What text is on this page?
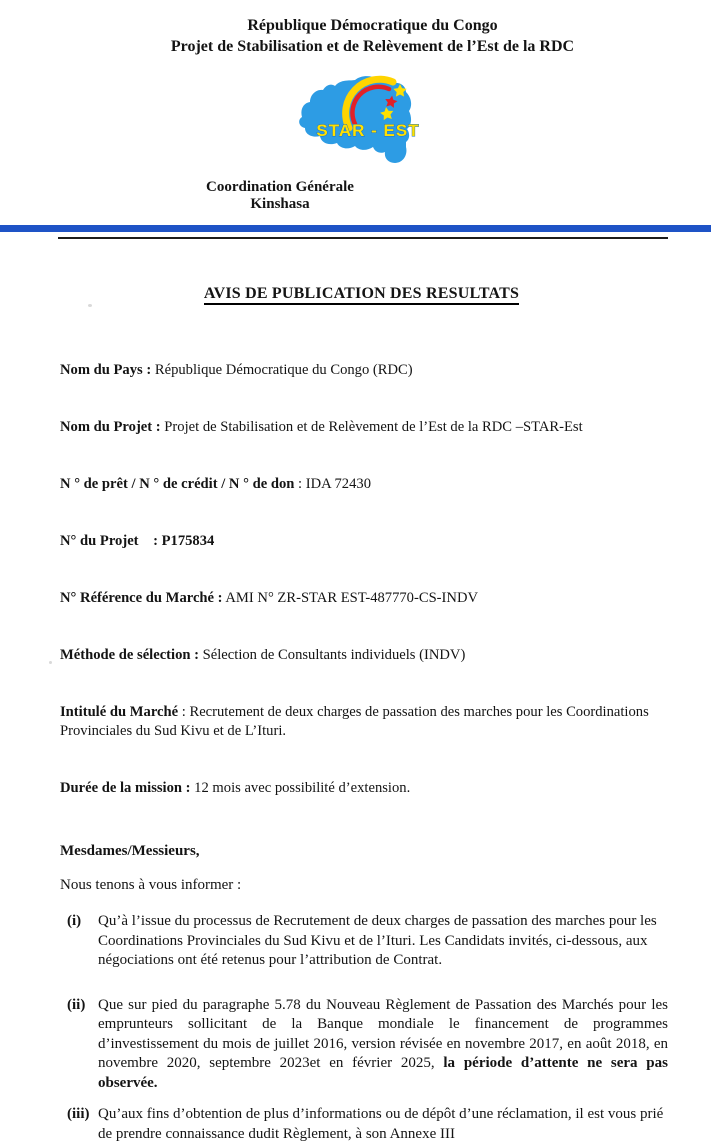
République Démocratique du Congo
Projet de Stabilisation et de Relèvement de l’Est de la RDC
STAR - EST
Coordination Générale
Kinshasa
AVIS DE PUBLICATION DES RESULTATS

Nom du Pays : République Démocratique du Congo (RDC)

Nom du Projet : Projet de Stabilisation et de Relèvement de l’Est de la RDC –STAR-Est

N ° de prêt / N ° de crédit / N ° de don : IDA 72430

N° du Projet    : P175834

N° Référence du Marché : AMI N° ZR-STAR EST-487770-CS-INDV

Méthode de sélection : Sélection de Consultants individuels (INDV)

Intitulé du Marché : Recrutement de deux charges de passation des marches pour les Coordinations Provinciales du Sud Kivu et de L’Ituri.

Durée de la mission : 12 mois avec possibilité d’extension.

Mesdames/Messieurs,

Nous tenons à vous informer :

(i)	Qu’à l’issue du processus de Recrutement de deux charges de passation des marches pour les Coordinations Provinciales du Sud Kivu et de l’Ituri. Les Candidats invités, ci-dessous, aux négociations ont été retenus pour l’attribution de Contrat.
(ii) Que sur pied du paragraphe 5.78 du Nouveau Règlement de Passation des Marchés pour les emprunteurs sollicitant de la Banque mondiale le financement de programmes d’investissement du mois de juillet 2016, version révisée en novembre 2017, en août 2018, en novembre 2020, septembre 2023et en février 2025, la période d’attente ne sera pas observée.
(iii) Qu’aux fins d’obtention de plus d’informations ou de dépôt d’une réclamation, il est vous prié de prendre connaissance dudit Règlement, à son Annexe III
